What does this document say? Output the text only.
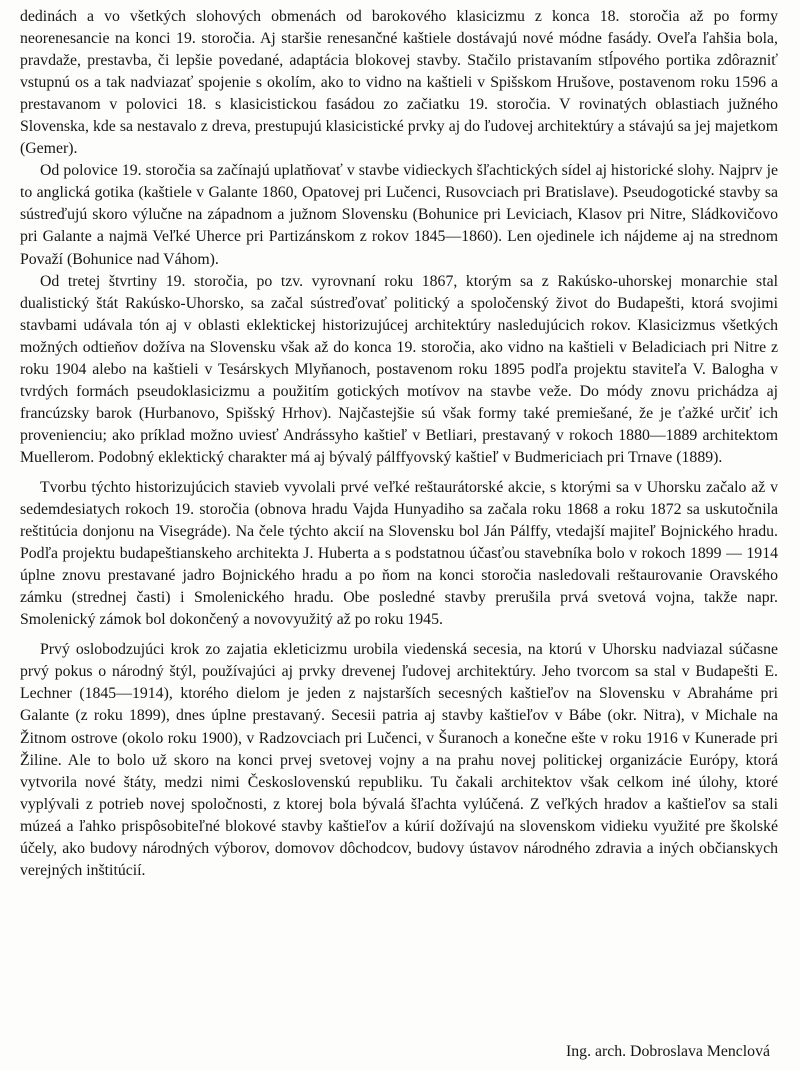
dedinách a vo všetkých slohových obmenách od barokového klasicizmu z konca 18. storočia až po formy neorenesancie na konci 19. storočia. Aj staršie renesančné kaštiele dostávajú nové módne fasády. Oveľa ľahšia bola, pravdaže, prestavba, či lepšie povedané, adaptácia blokovej stavby. Stačilo pristavaním stĺpového portika zdôrazniť vstupnú os a tak nadviazať spojenie s okolím, ako to vidno na kaštieli v Spišskom Hrušove, postavenom roku 1596 a prestavanom v polovici 18. s klasicistickou fasádou zo začiatku 19. storočia. V rovinatých oblastiach južného Slovenska, kde sa nestavalo z dreva, prestupujú klasicistické prvky aj do ľudovej architektúry a stávajú sa jej majetkom (Gemer).

Od polovice 19. storočia sa začínajú uplatňovať v stavbe vidieckych šľachtických sídel aj historické slohy. Najprv je to anglická gotika (kaštiele v Galante 1860, Opatovej pri Lučenci, Rusovciach pri Bratislave). Pseudogotické stavby sa sústreďujú skoro výlučne na západnom a južnom Slovensku (Bohunice pri Leviciach, Klasov pri Nitre, Sládkovičovo pri Galante a najmä Veľké Uherce pri Partizánskom z rokov 1845—1860). Len ojedinele ich nájdeme aj na strednom Považí (Bohunice nad Váhom).

Od tretej štvrtiny 19. storočia, po tzv. vyrovnaní roku 1867, ktorým sa z Rakúsko-uhorskej monarchie stal dualistický štát Rakúsko-Uhorsko, sa začal sústreďovať politický a spoločenský život do Budapešti, ktorá svojimi stavbami udávala tón aj v oblasti eklektickej historizujúcej architektúry nasledujúcich rokov. Klasicizmus všetkých možných odtieňov dožíva na Slovensku však až do konca 19. storočia, ako vidno na kaštieli v Beladiciach pri Nitre z roku 1904 alebo na kaštieli v Tesárskych Mlyňanoch, postavenom roku 1895 podľa projektu staviteľa V. Balogha v tvrdých formách pseudoklasicizmu a použitím gotických motívov na stavbe veže. Do módy znovu prichádza aj francúzsky barok (Hurbanovo, Spišský Hrhov). Najčastejšie sú však formy také premiešané, že je ťažké určiť ich provenienciu; ako príklad možno uviesť Andrássyho kaštieľ v Betliari, prestavaný v rokoch 1880—1889 architektom Muellerom. Podobný eklektický charakter má aj bývalý pálffyovský kaštieľ v Budmericiach pri Trnave (1889).

Tvorbu týchto historizujúcich stavieb vyvolali prvé veľké reštaurátorské akcie, s ktorými sa v Uhorsku začalo až v sedemdesiatych rokoch 19. storočia (obnova hradu Vajda Hunyadiho sa začala roku 1868 a roku 1872 sa uskutočnila reštitúcia donjonu na Visegráde). Na čele týchto akcií na Slovensku bol Ján Pálffy, vtedajší majiteľ Bojnického hradu. Podľa projektu budapeštianskeho architekta J. Huberta a s podstatnou účasťou stavebníka bolo v rokoch 1899 — 1914 úplne znovu prestavané jadro Bojnického hradu a po ňom na konci storočia nasledovali reštaurovanie Oravského zámku (strednej časti) i Smolenického hradu. Obe posledné stavby prerušila prvá svetová vojna, takže napr. Smolenický zámok bol dokončený a novovyužitý až po roku 1945.

Prvý oslobodzujúci krok zo zajatia ekleticizmu urobila viedenská secesia, na ktorú v Uhorsku nadviazal súčasne prvý pokus o národný štýl, používajúci aj prvky drevenej ľudovej architektúry. Jeho tvorcom sa stal v Budapešti E. Lechner (1845—1914), ktorého dielom je jeden z najstarších secesných kaštieľov na Slovensku v Abraháme pri Galante (z roku 1899), dnes úplne prestavaný. Secesii patria aj stavby kaštieľov v Bábe (okr. Nitra), v Michale na Žitnom ostrove (okolo roku 1900), v Radzovciach pri Lučenci, v Šuranoch a konečne ešte v roku 1916 v Kunerade pri Žiline. Ale to bolo už skoro na konci prvej svetovej vojny a na prahu novej politickej organizácie Európy, ktorá vytvorila nové štáty, medzi nimi Československú republiku. Tu čakali architektov však celkom iné úlohy, ktoré vyplývali z potrieb novej spoločnosti, z ktorej bola bývalá šľachta vylúčená. Z veľkých hradov a kaštieľov sa stali múzeá a ľahko prispôsobiteľné blokové stavby kaštieľov a kúrií dožívajú na slovenskom vidieku využité pre školské účely, ako budovy národných výborov, domovov dôchodcov, budovy ústavov národného zdravia a iných občianskych verejných inštitúcií.

Ing. arch. Dobroslava Menclová
